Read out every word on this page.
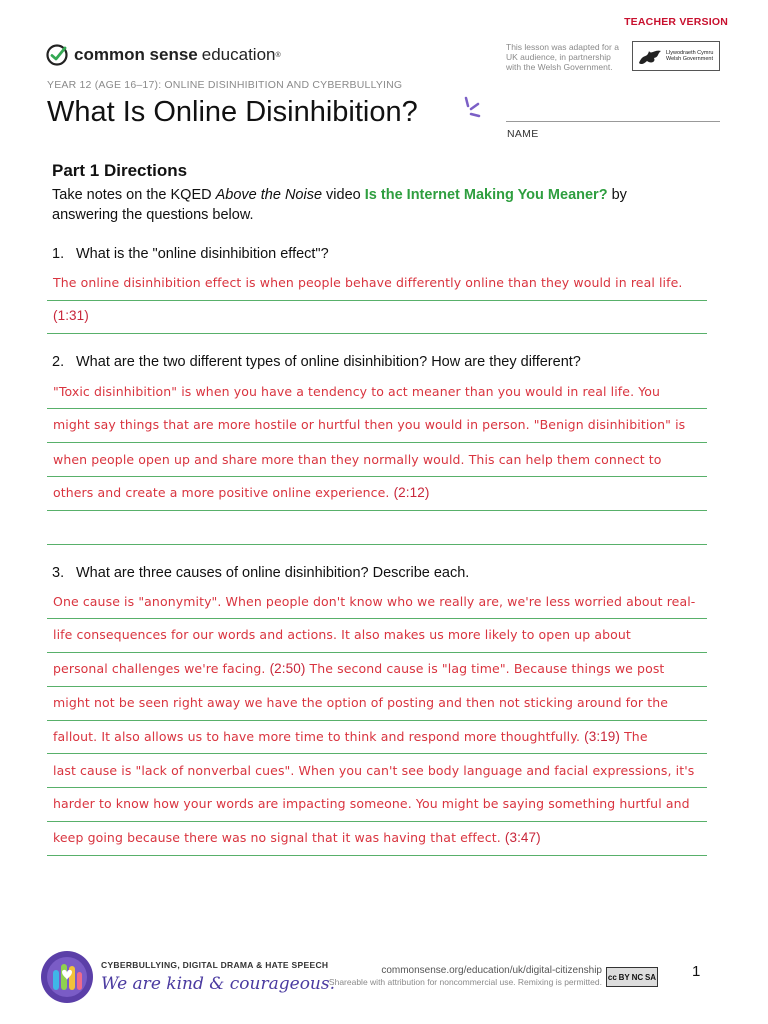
TEACHER VERSION
common sense education ®
YEAR 12 (AGE 16–17): ONLINE DISINHIBITION AND CYBERBULLYING
What Is Online Disinhibition?
This lesson was adapted for a UK audience, in partnership with the Welsh Government.
Llywodraeth Cymru
Welsh Government
NAME
Part 1 Directions
Take notes on the KQED Above the Noise video Is the Internet Making You Meaner? by answering the questions below.
1. What is the "online disinhibition effect"?
The online disinhibition effect is when people behave differently online than they would in real life.
(1:31)
2. What are the two different types of online disinhibition? How are they different?
"Toxic disinhibition" is when you have a tendency to act meaner than you would in real life. You
might say things that are more hostile or hurtful then you would in person. "Benign disinhibition" is
when people open up and share more than they normally would. This can help them connect to
others and create a more positive online experience. (2:12)
3. What are three causes of online disinhibition? Describe each.
One cause is "anonymity". When people don't know who we really are, we're less worried about real-
life consequences for our words and actions. It also makes us more likely to open up about
personal challenges we're facing. (2:50) The second cause is "lag time". Because things we post
might not be seen right away we have the option of posting and then not sticking around for the
fallout. It also allows us to have more time to think and respond more thoughtfully. (3:19) The
last cause is "lack of nonverbal cues". When you can't see body language and facial expressions, it's
harder to know how your words are impacting someone. You might be saying something hurtful and
keep going because there was no signal that it was having that effect. (3:47)
CYBERBULLYING, DIGITAL DRAMA & HATE SPEECH
We are kind & courageous.
commonsense.org/education/uk/digital-citizenship
Shareable with attribution for noncommercial use. Remixing is permitted. cc BY NC SA 1
